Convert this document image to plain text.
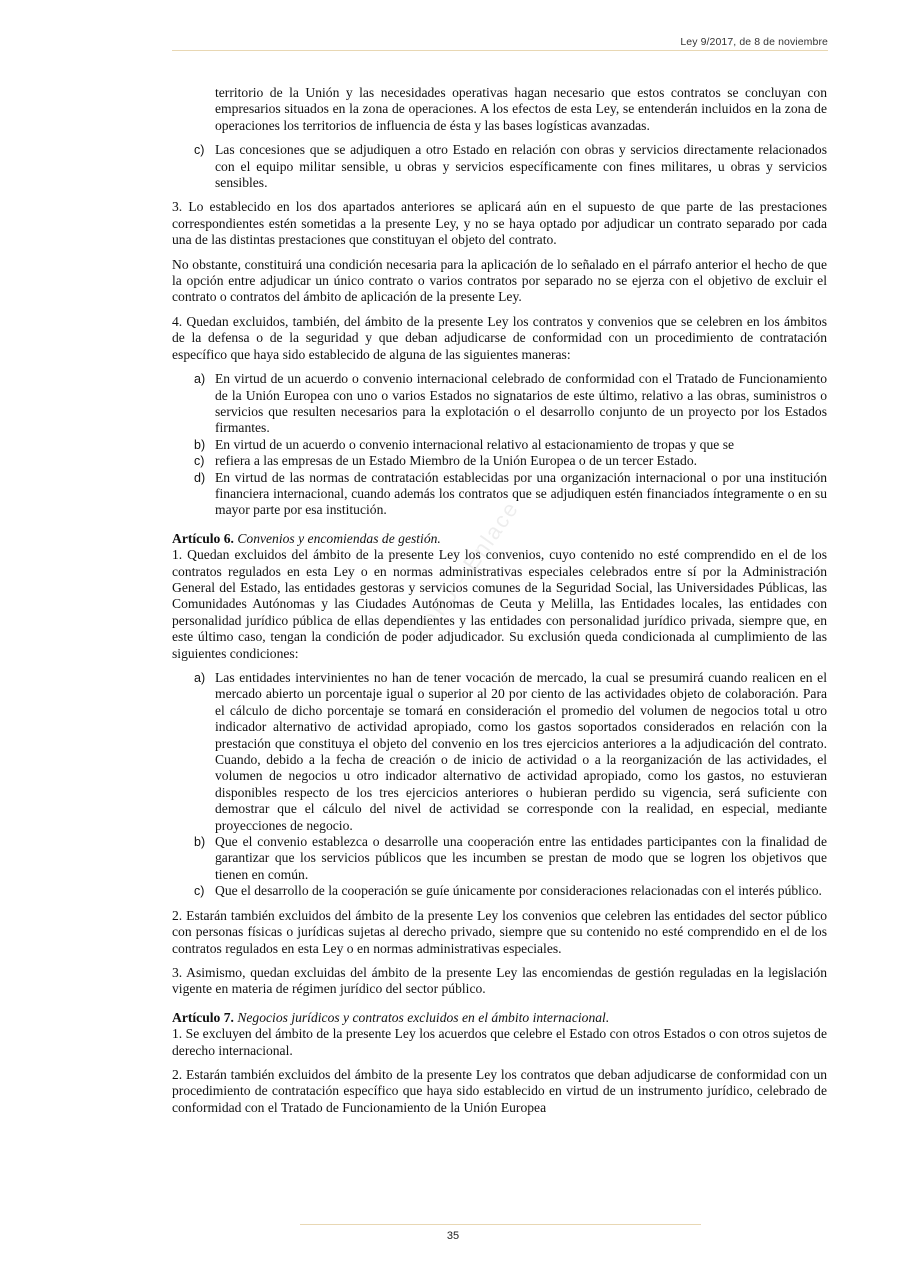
Ley 9/2017, de 8 de noviembre
CDPJ - Enlace

territorio de la Unión y las necesidades operativas hagan necesario que estos contratos se concluyan con empresarios situados en la zona de operaciones. A los efectos de esta Ley, se entenderán incluidos en la zona de operaciones los territorios de influencia de ésta y las bases logísticas avanzadas.

c) Las concesiones que se adjudiquen a otro Estado en relación con obras y servicios directamente relacionados con el equipo militar sensible, u obras y servicios específicamente con fines militares, u obras y servicios sensibles.

3. Lo establecido en los dos apartados anteriores se aplicará aún en el supuesto de que parte de las prestaciones correspondientes estén sometidas a la presente Ley, y no se haya optado por adjudicar un contrato separado por cada una de las distintas prestaciones que constituyan el objeto del contrato.

No obstante, constituirá una condición necesaria para la aplicación de lo señalado en el párrafo anterior el hecho de que la opción entre adjudicar un único contrato o varios contratos por separado no se ejerza con el objetivo de excluir el contrato o contratos del ámbito de aplicación de la presente Ley.

4. Quedan excluidos, también, del ámbito de la presente Ley los contratos y convenios que se celebren en los ámbitos de la defensa o de la seguridad y que deban adjudicarse de conformidad con un procedimiento de contratación específico que haya sido establecido de alguna de las siguientes maneras:

a) En virtud de un acuerdo o convenio internacional celebrado de conformidad con el Tratado de Funcionamiento de la Unión Europea con uno o varios Estados no signatarios de este último, relativo a las obras, suministros o servicios que resulten necesarios para la explotación o el desarrollo conjunto de un proyecto por los Estados firmantes.
b) En virtud de un acuerdo o convenio internacional relativo al estacionamiento de tropas y que se
c) refiera a las empresas de un Estado Miembro de la Unión Europea o de un tercer Estado.
d) En virtud de las normas de contratación establecidas por una organización internacional o por una institución financiera internacional, cuando además los contratos que se adjudiquen estén financiados íntegramente o en su mayor parte por esa institución.
Artículo 6. Convenios y encomiendas de gestión.

1. Quedan excluidos del ámbito de la presente Ley los convenios, cuyo contenido no esté comprendido en el de los contratos regulados en esta Ley o en normas administrativas especiales celebrados entre sí por la Administración General del Estado, las entidades gestoras y servicios comunes de la Seguridad Social, las Universidades Públicas, las Comunidades Autónomas y las Ciudades Autónomas de Ceuta y Melilla, las Entidades locales, las entidades con personalidad jurídico pública de ellas dependientes y las entidades con personalidad jurídico privada, siempre que, en este último caso, tengan la condición de poder adjudicador. Su exclusión queda condicionada al cumplimiento de las siguientes condiciones:

a) Las entidades intervinientes no han de tener vocación de mercado, la cual se presumirá cuando realicen en el mercado abierto un porcentaje igual o superior al 20 por ciento de las actividades objeto de colaboración. Para el cálculo de dicho porcentaje se tomará en consideración el promedio del volumen de negocios total u otro indicador alternativo de actividad apropiado, como los gastos soportados considerados en relación con la prestación que constituya el objeto del convenio en los tres ejercicios anteriores a la adjudicación del contrato. Cuando, debido a la fecha de creación o de inicio de actividad o a la reorganización de las actividades, el volumen de negocios u otro indicador alternativo de actividad apropiado, como los gastos, no estuvieran disponibles respecto de los tres ejercicios anteriores o hubieran perdido su vigencia, será suficiente con demostrar que el cálculo del nivel de actividad se corresponde con la realidad, en especial, mediante proyecciones de negocio.
b) Que el convenio establezca o desarrolle una cooperación entre las entidades participantes con la finalidad de garantizar que los servicios públicos que les incumben se prestan de modo que se logren los objetivos que tienen en común.
c) Que el desarrollo de la cooperación se guíe únicamente por consideraciones relacionadas con el interés público.

2. Estarán también excluidos del ámbito de la presente Ley los convenios que celebren las entidades del sector público con personas físicas o jurídicas sujetas al derecho privado, siempre que su contenido no esté comprendido en el de los contratos regulados en esta Ley o en normas administrativas especiales.

3. Asimismo, quedan excluidas del ámbito de la presente Ley las encomiendas de gestión reguladas en la legislación vigente en materia de régimen jurídico del sector público.

Artículo 7. Negocios jurídicos y contratos excluidos en el ámbito internacional.

1. Se excluyen del ámbito de la presente Ley los acuerdos que celebre el Estado con otros Estados o con otros sujetos de derecho internacional.

2. Estarán también excluidos del ámbito de la presente Ley los contratos que deban adjudicarse de conformidad con un procedimiento de contratación específico que haya sido establecido en virtud de un instrumento jurídico, celebrado de conformidad con el Tratado de Funcionamiento de la Unión Europea

35
